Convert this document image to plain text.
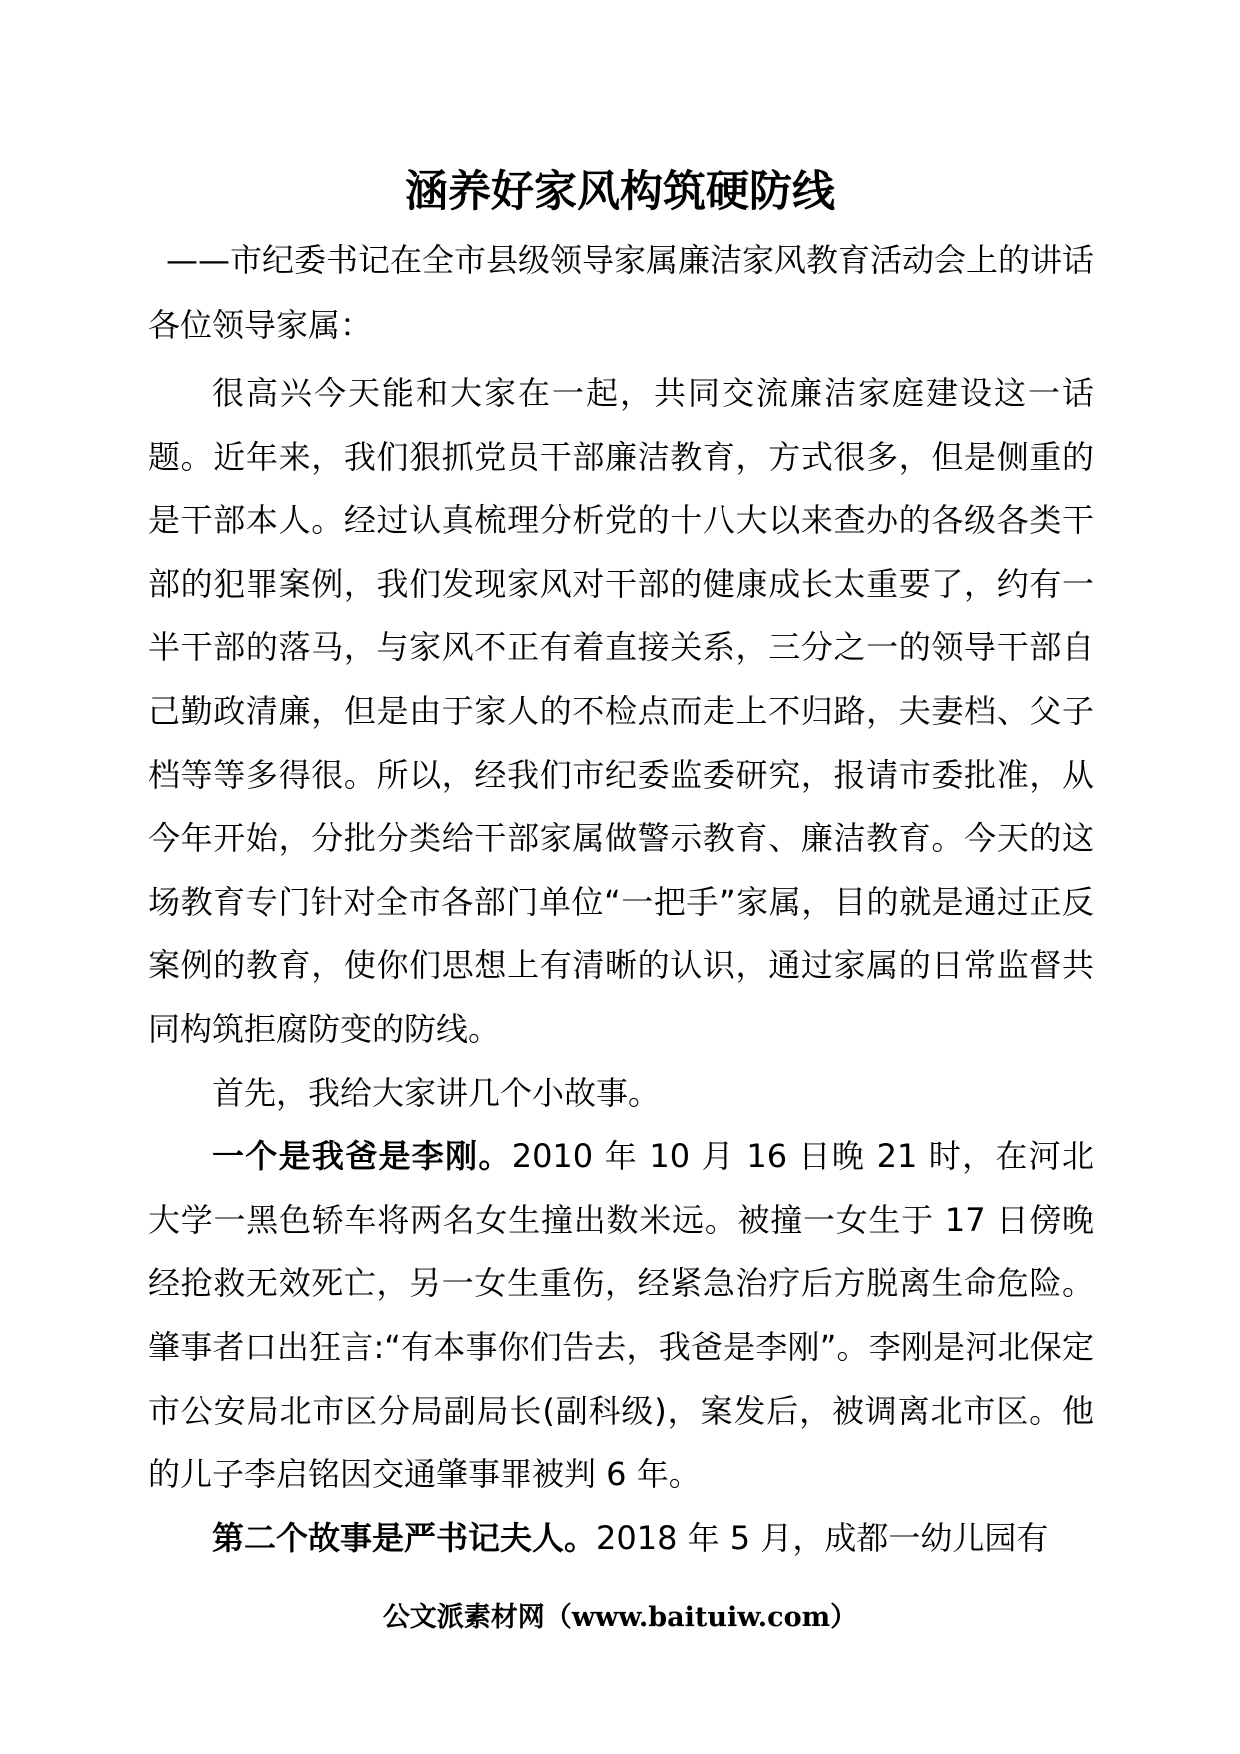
涵养好家风构筑硬防线
——市纪委书记在全市县级领导家属廉洁家风教育活动会上的讲话
各位领导家属：

很高兴今天能和大家在一起，共同交流廉洁家庭建设这一话题。近年来，我们狠抓党员干部廉洁教育，方式很多，但是侧重的是干部本人。经过认真梳理分析党的十八大以来查办的各级各类干部的犯罪案例，我们发现家风对干部的健康成长太重要了，约有一半干部的落马，与家风不正有着直接关系，三分之一的领导干部自己勤政清廉，但是由于家人的不检点而走上不归路，夫妻档、父子档等等多得很。所以，经我们市纪委监委研究，报请市委批准，从今年开始，分批分类给干部家属做警示教育、廉洁教育。今天的这场教育专门针对全市各部门单位“一把手”家属，目的就是通过正反案例的教育，使你们思想上有清晰的认识，通过家属的日常监督共同构筑拒腐防变的防线。

首先，我给大家讲几个小故事。

一个是我爸是李刚。2010 年 10 月 16 日晚 21 时，在河北大学一黑色轿车将两名女生撞出数米远。被撞一女生于 17 日傍晚经抢救无效死亡，另一女生重伤，经紧急治疗后方脱离生命危险。肇事者口出狂言:“有本事你们告去，我爸是李刚”。李刚是河北保定市公安局北市区分局副局长(副科级)，案发后，被调离北市区。他的儿子李启铭因交通肇事罪被判 6 年。

第二个故事是严书记夫人。2018 年 5 月，成都一幼儿园有

公文派素材网（www.baituiw.com）
